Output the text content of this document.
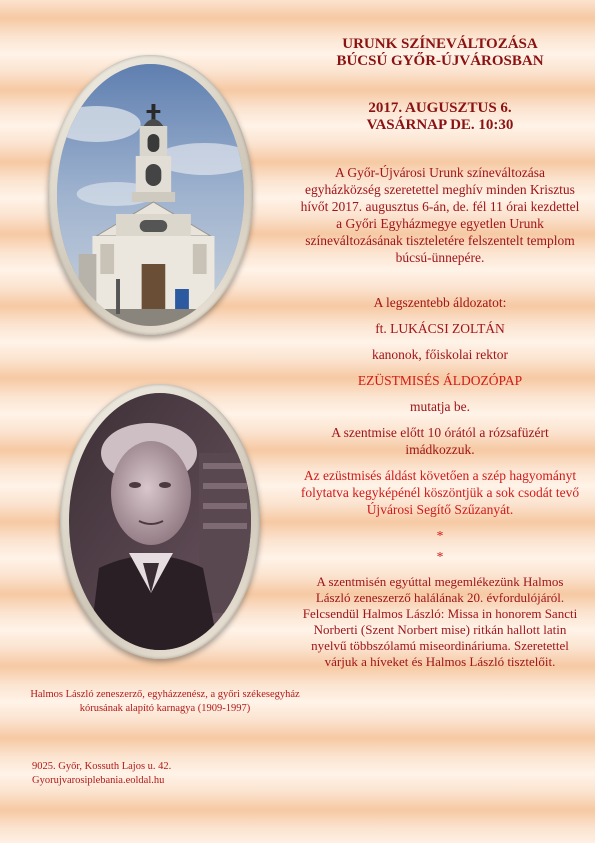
Halmos László zeneszerző, egyházzenész, a győri székesegyház kórusának alapító karnagya (1909-1997)
9025. Győr, Kossuth Lajos u. 42.
Gyorujvarosiplebania.eoldal.hu

URUNK SZÍNEVÁLTOZÁSA

BÚCSÚ GYŐR-ÚJVÁROSBAN

2017. AUGUSZTUS 6.

VASÁRNAP DE. 10:30

A Győr-Újvárosi Urunk színeváltozása egyházközség szeretettel meghív minden Krisztus hívőt 2017. augusztus 6-án, de. fél 11 órai kezdettel a Győri Egyházmegye egyetlen Urunk színeváltozásának tiszteletére felszentelt templom búcsú-ünnepére.

A legszentebb áldozatot:

ft. LUKÁCSI ZOLTÁN

kanonok, főiskolai rektor

EZÜSTMISÉS ÁLDOZÓPAP

mutatja be.

A szentmise előtt 10 órától a rózsafüzért imádkozzuk.

Az ezüstmisés áldást követően a szép hagyományt folytatva kegyképénél köszöntjük a sok csodát tevő Újvárosi Segítő Szűzanyát.

*

*

A szentmisén egyúttal megemlékezünk Halmos László zeneszerző halálának 20. évfordulójáról. Felcsendül Halmos László: Missa in honorem Sancti Norberti (Szent Norbert mise) ritkán hallott latin nyelvű többszólamú miseordináriuma. Szeretettel várjuk a híveket és Halmos László tisztelőit.
